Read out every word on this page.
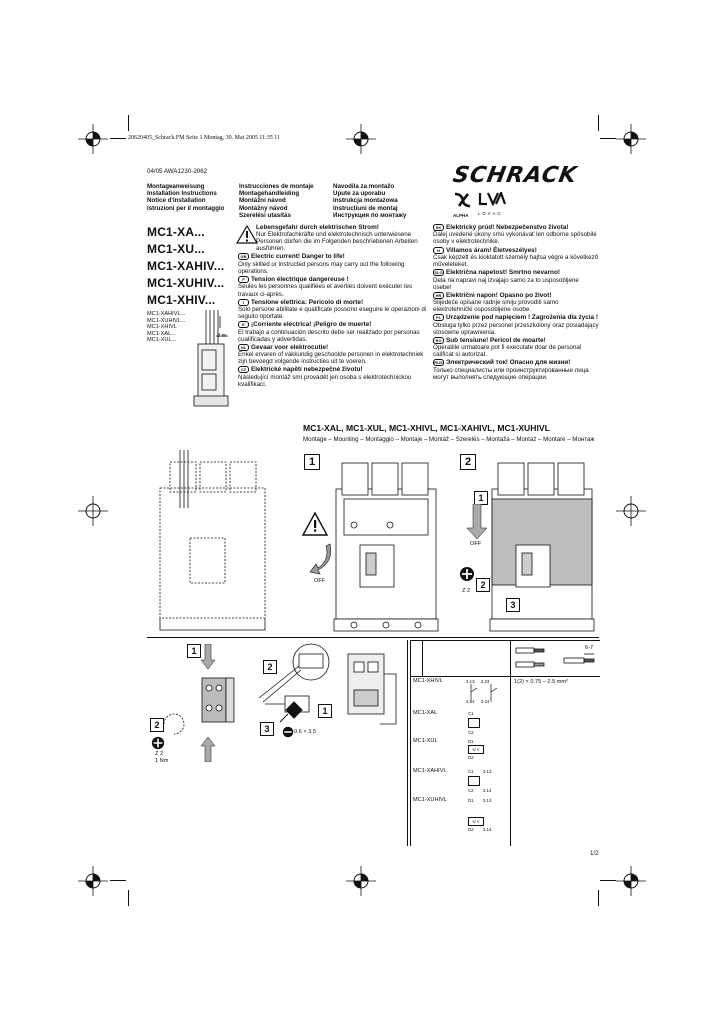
20620405_Schrack.FM Seite 1 Montag, 30. Mai 2005 11:35 11
04/05 AWA1230-2062
Montageanweisung
Installation Instructions
Notice d'installation
Istruzioni per il montaggio
Instrucciones de montaje
Montagehandleiding
Montážní návod
Montážny návod
Szerelési utasítás
Navodila za montažo
Upute za uporabu
Instrukcja montażowa
Instrucțiuni de montaj
Инструкция по монтажу
SCHRACK
ALPHA	L O V A G
MC1-XA...
MC1-XU...
MC1-XAHIV...
MC1-XUHIV...
MC1-XHIV...
MC1-XAHIVL...
MC1-XUHIVL...
MC1-XHIVL
MC1-XAL...
MC1-XUL...
3 m
Lebensgefahr durch elektrischen Strom!
Nur Elektrofachkräfte und elektrotechnisch unterwiesene Personen dürfen die im Folgenden beschriebenen Arbeiten ausführen.
GB Electric current! Danger to life!
Only skilled or instructed persons may carry out the following operations.
F Tension électrique dangereuse !
Seules les personnes qualifiées et averties doivent exécuter les travaux ci-après.
I Tensione elettrica: Pericolo di morte!
Solo persone abilitate e qualificate possono eseguire le operazioni di seguito riportate.
E ¡Corriente eléctrica! ¡Peligro de muerte!
El trabajo a continuación descrito debe ser realizado por personas cualificadas y advertidas.
NL Gevaar voor elektrocutie!
Enkel ervaren of vakkundig geschoolde personen in elektrotechniek zijn bevoegd volgende instructies uit te voeren.
CZ Elektrické napětí nebezpečné životu!
Následující montáž smí provádět jen osoba s elektrotechnickou kvalifikací.
SK Elektrický prúd! Nebezpečenstvo života!
Ďalej uvedené úkony smú vykonávať len odborne spôsobilé osoby v elektrotechnike.
H Villamos áram! Életveszélyes!
Csak képzett és kioktatott személy hajtsa végre a következő műveleteket.
SLO Električna napetost! Smrtno nevarno!
Dela na napravi naj izvajajo samo za to usposobljene osebe!
HR Električni napon! Opasno po život!
Slijedeće opisane radnje smiju provoditi samo elektrotehnički osposobljene osobe.
PL Urządzenie pod napięciem ! Zagrożenia dla życia !
Obsługa tylko przez personel przeszkolony oraz posiadający stosowne uprawnienia.
RO Sub tensiune! Pericol de moarte!
Operatiile urmatoare pot fi executate doar de personal calificat si autorizat.
RUS Электрический ток! Опасно для жизни!
Только специалисты или проинструктированные лица могут выполнять следующие операции.
MC1-XAL, MC1-XUL, MC1-XHIVL, MC1-XAHIVL, MC1-XUHIVL
Montage – Mounting – Montaggio – Montaje – Montáž – Szerelés – Montaža – Montaż – Montare – Монтаж
OFF
1	2
1
OFF
2
Z 2
3
1
2
Z 2
1 Nm
2
3	0.6 × 3.5
1
6-7
1(2) × 0.75 – 2.5 mm²
MC1-XHIVL	3.13 3.23

3.14 3.24
MC1-XAL	C1
C2
MC1-XUL	D1
U <
D2
MC1-XAHIVL	C1 3.13
C2 3.14
MC1-XUHIVL	D1 3.13
U <
D2 3.14
1/2
